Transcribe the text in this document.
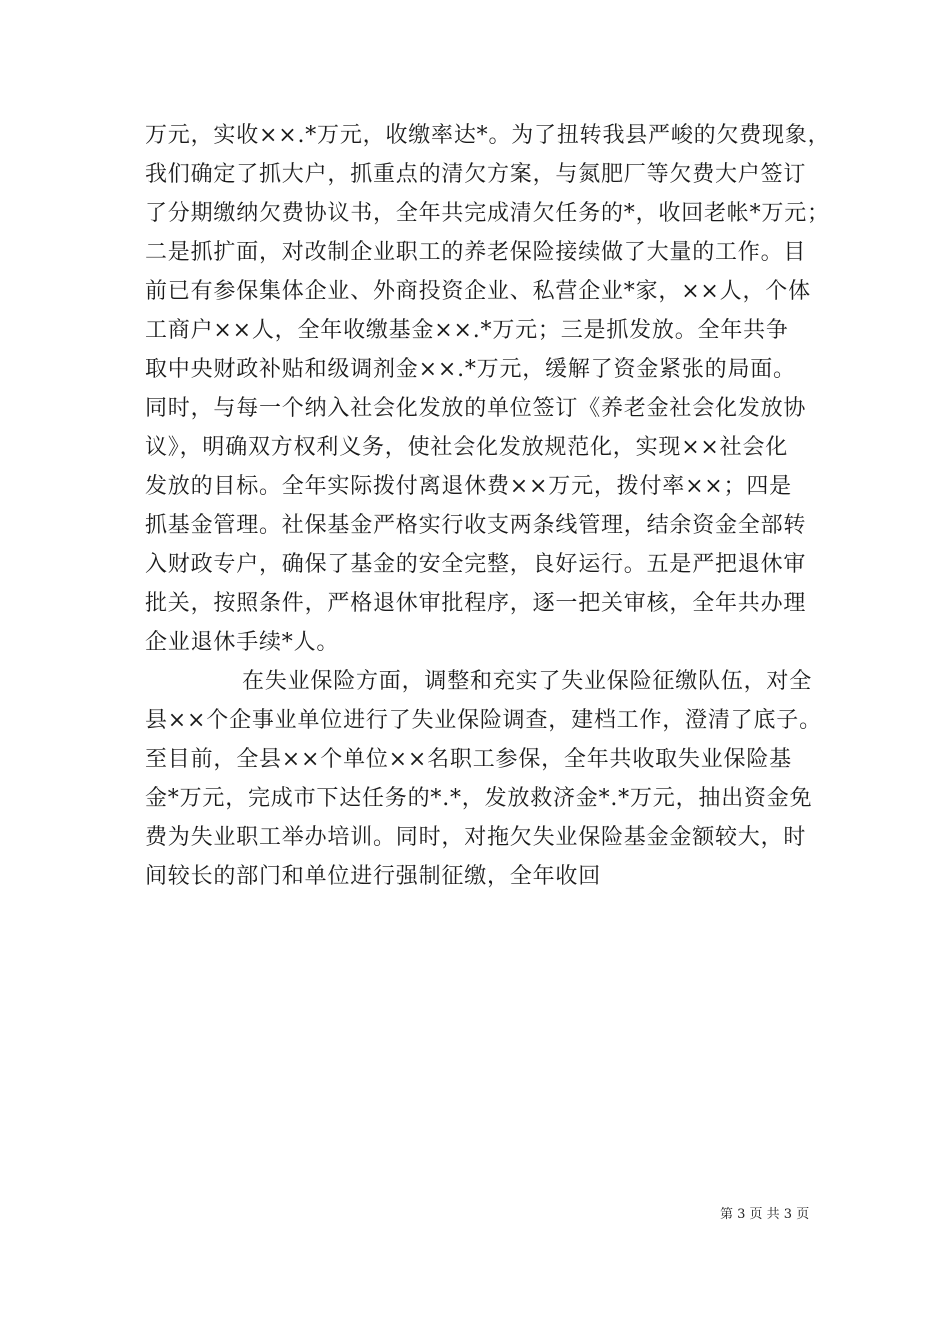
万元，实收××.*万元，收缴率达*。为了扭转我县严峻的欠费现象，
我们确定了抓大户，抓重点的清欠方案，与氮肥厂等欠费大户签订
了分期缴纳欠费协议书，全年共完成清欠任务的*，收回老帐*万元；
二是抓扩面，对改制企业职工的养老保险接续做了大量的工作。目
前已有参保集体企业、外商投资企业、私营企业*家，××人，个体
工商户××人，全年收缴基金××.*万元；三是抓发放。全年共争
取中央财政补贴和级调剂金××.*万元，缓解了资金紧张的局面。
同时，与每一个纳入社会化发放的单位签订《养老金社会化发放协
议》，明确双方权利义务，使社会化发放规范化，实现××社会化
发放的目标。全年实际拨付离退休费××万元，拨付率××；四是
抓基金管理。社保基金严格实行收支两条线管理，结余资金全部转
入财政专户，确保了基金的安全完整，良好运行。五是严把退休审
批关，按照条件，严格退休审批程序，逐一把关审核，全年共办理
企业退休手续*人。
在失业保险方面，调整和充实了失业保险征缴队伍，对全
县××个企事业单位进行了失业保险调查，建档工作，澄清了底子。
至目前，全县××个单位××名职工参保，全年共收取失业保险基
金*万元，完成市下达任务的*.*，发放救济金*.*万元，抽出资金免
费为失业职工举办培训。同时，对拖欠失业保险基金金额较大，时
间较长的部门和单位进行强制征缴，全年收回
第 3 页 共 3 页
